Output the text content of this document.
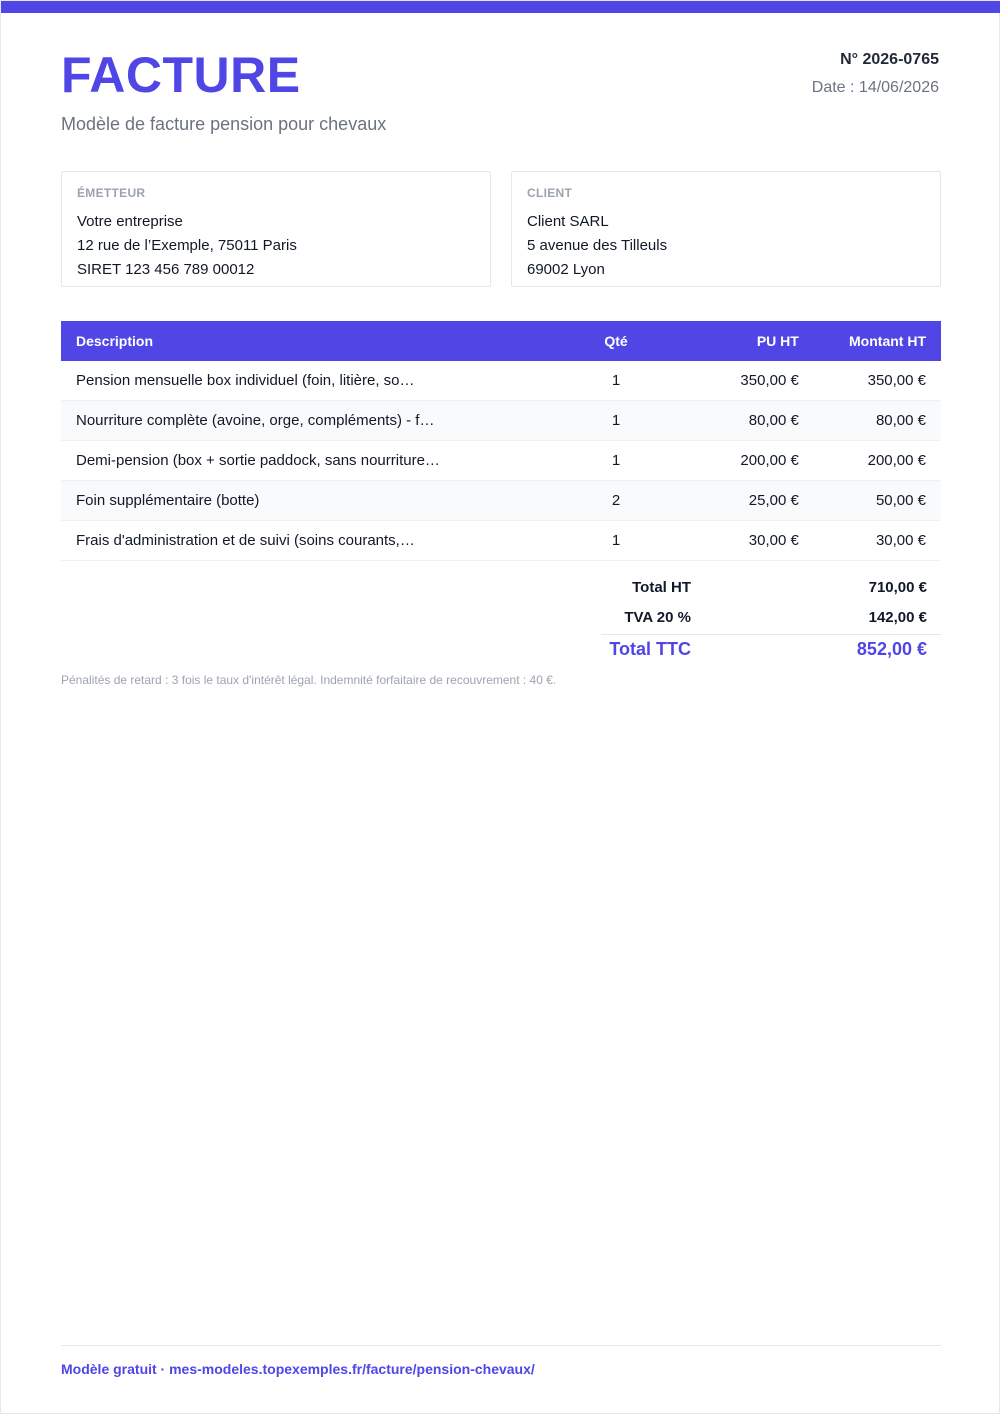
FACTURE
Modèle de facture pension pour chevaux
N° 2026-0765
Date : 14/06/2026
ÉMETTEUR
Votre entreprise
12 rue de l’Exemple, 75011 Paris
SIRET 123 456 789 00012
CLIENT
Client SARL
5 avenue des Tilleuls
69002 Lyon
Description	Qté	PU HT	Montant HT

Pension mensuelle box individuel (foin, litière, so…	1	350,00 €	350,00 €

Nourriture complète (avoine, orge, compléments) - f…	1	80,00 €	80,00 €

Demi-pension (box + sortie paddock, sans nourriture…	1	200,00 €	200,00 €

Foin supplémentaire (botte)	2	25,00 €	50,00 €

Frais d'administration et de suivi (soins courants,…	1	30,00 €	30,00 €
Total HT	710,00 €
TVA 20 %	142,00 €
Total TTC	852,00 €
Pénalités de retard : 3 fois le taux d'intérêt légal. Indemnité forfaitaire de recouvrement : 40 €.
Modèle gratuit · mes-modeles.topexemples.fr/facture/pension-chevaux/
